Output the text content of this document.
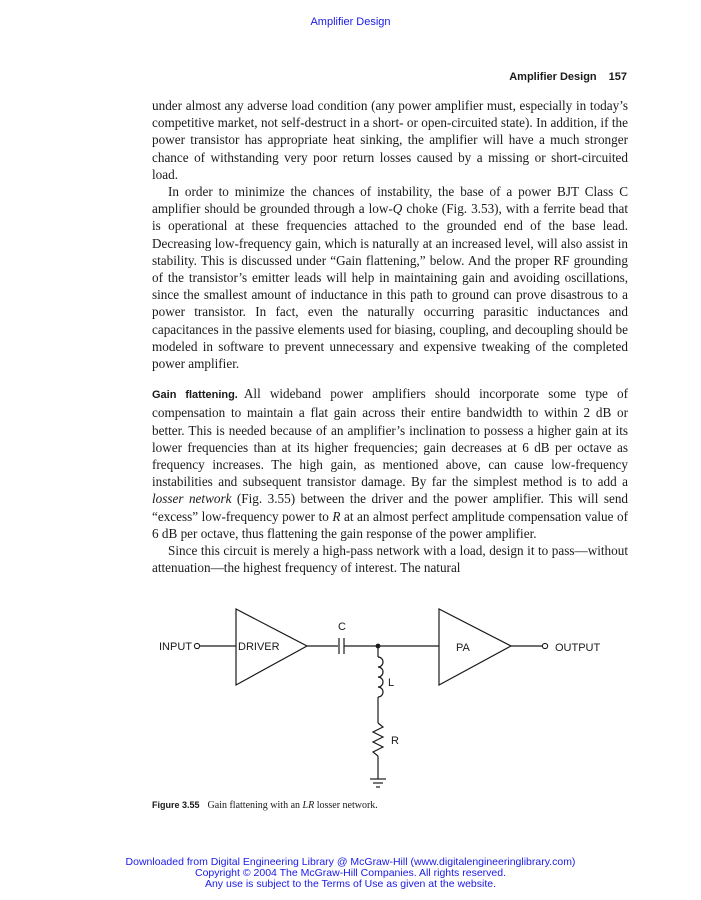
Amplifier Design
Amplifier Design 157

under almost any adverse load condition (any power amplifier must, especially in today’s competitive market, not self-destruct in a short- or open-circuited state). In addition, if the power transistor has appropriate heat sinking, the amplifier will have a much stronger chance of withstanding very poor return losses caused by a missing or short-circuited load.

In order to minimize the chances of instability, the base of a power BJT Class C amplifier should be grounded through a low-Q choke (Fig. 3.53), with a ferrite bead that is operational at these frequencies attached to the grounded end of the base lead. Decreasing low-frequency gain, which is naturally at an increased level, will also assist in stability. This is discussed under “Gain flattening,” below. And the proper RF grounding of the transistor’s emitter leads will help in maintaining gain and avoiding oscillations, since the smallest amount of inductance in this path to ground can prove disastrous to a power transistor. In fact, even the naturally occurring parasitic inductances and capacitances in the passive elements used for biasing, coupling, and decoupling should be modeled in software to prevent unnecessary and expensive tweaking of the completed power amplifier.

Gain flattening. All wideband power amplifiers should incorporate some type of compensation to maintain a flat gain across their entire bandwidth to within 2 dB or better. This is needed because of an amplifier’s inclination to possess a higher gain at its lower frequencies than at its higher frequencies; gain decreases at 6 dB per octave as frequency increases. The high gain, as mentioned above, can cause low-frequency instabilities and subsequent transistor damage. By far the simplest method is to add a losser network (Fig. 3.55) between the driver and the power amplifier. This will send “excess” low-frequency power to R at an almost perfect amplitude compensation value of 6 dB per octave, thus flattening the gain response of the power amplifier.

Since this circuit is merely a high-pass network with a load, design it to pass—without attenuation—the highest frequency of interest. The natural

INPUT	DRIVER
C
L
R
PA	OUTPUT
Figure 3.55 Gain flattening with an LR losser network.
Downloaded from Digital Engineering Library @ McGraw-Hill (www.digitalengineeringlibrary.com)
Copyright © 2004 The McGraw-Hill Companies. All rights reserved.
Any use is subject to the Terms of Use as given at the website.
